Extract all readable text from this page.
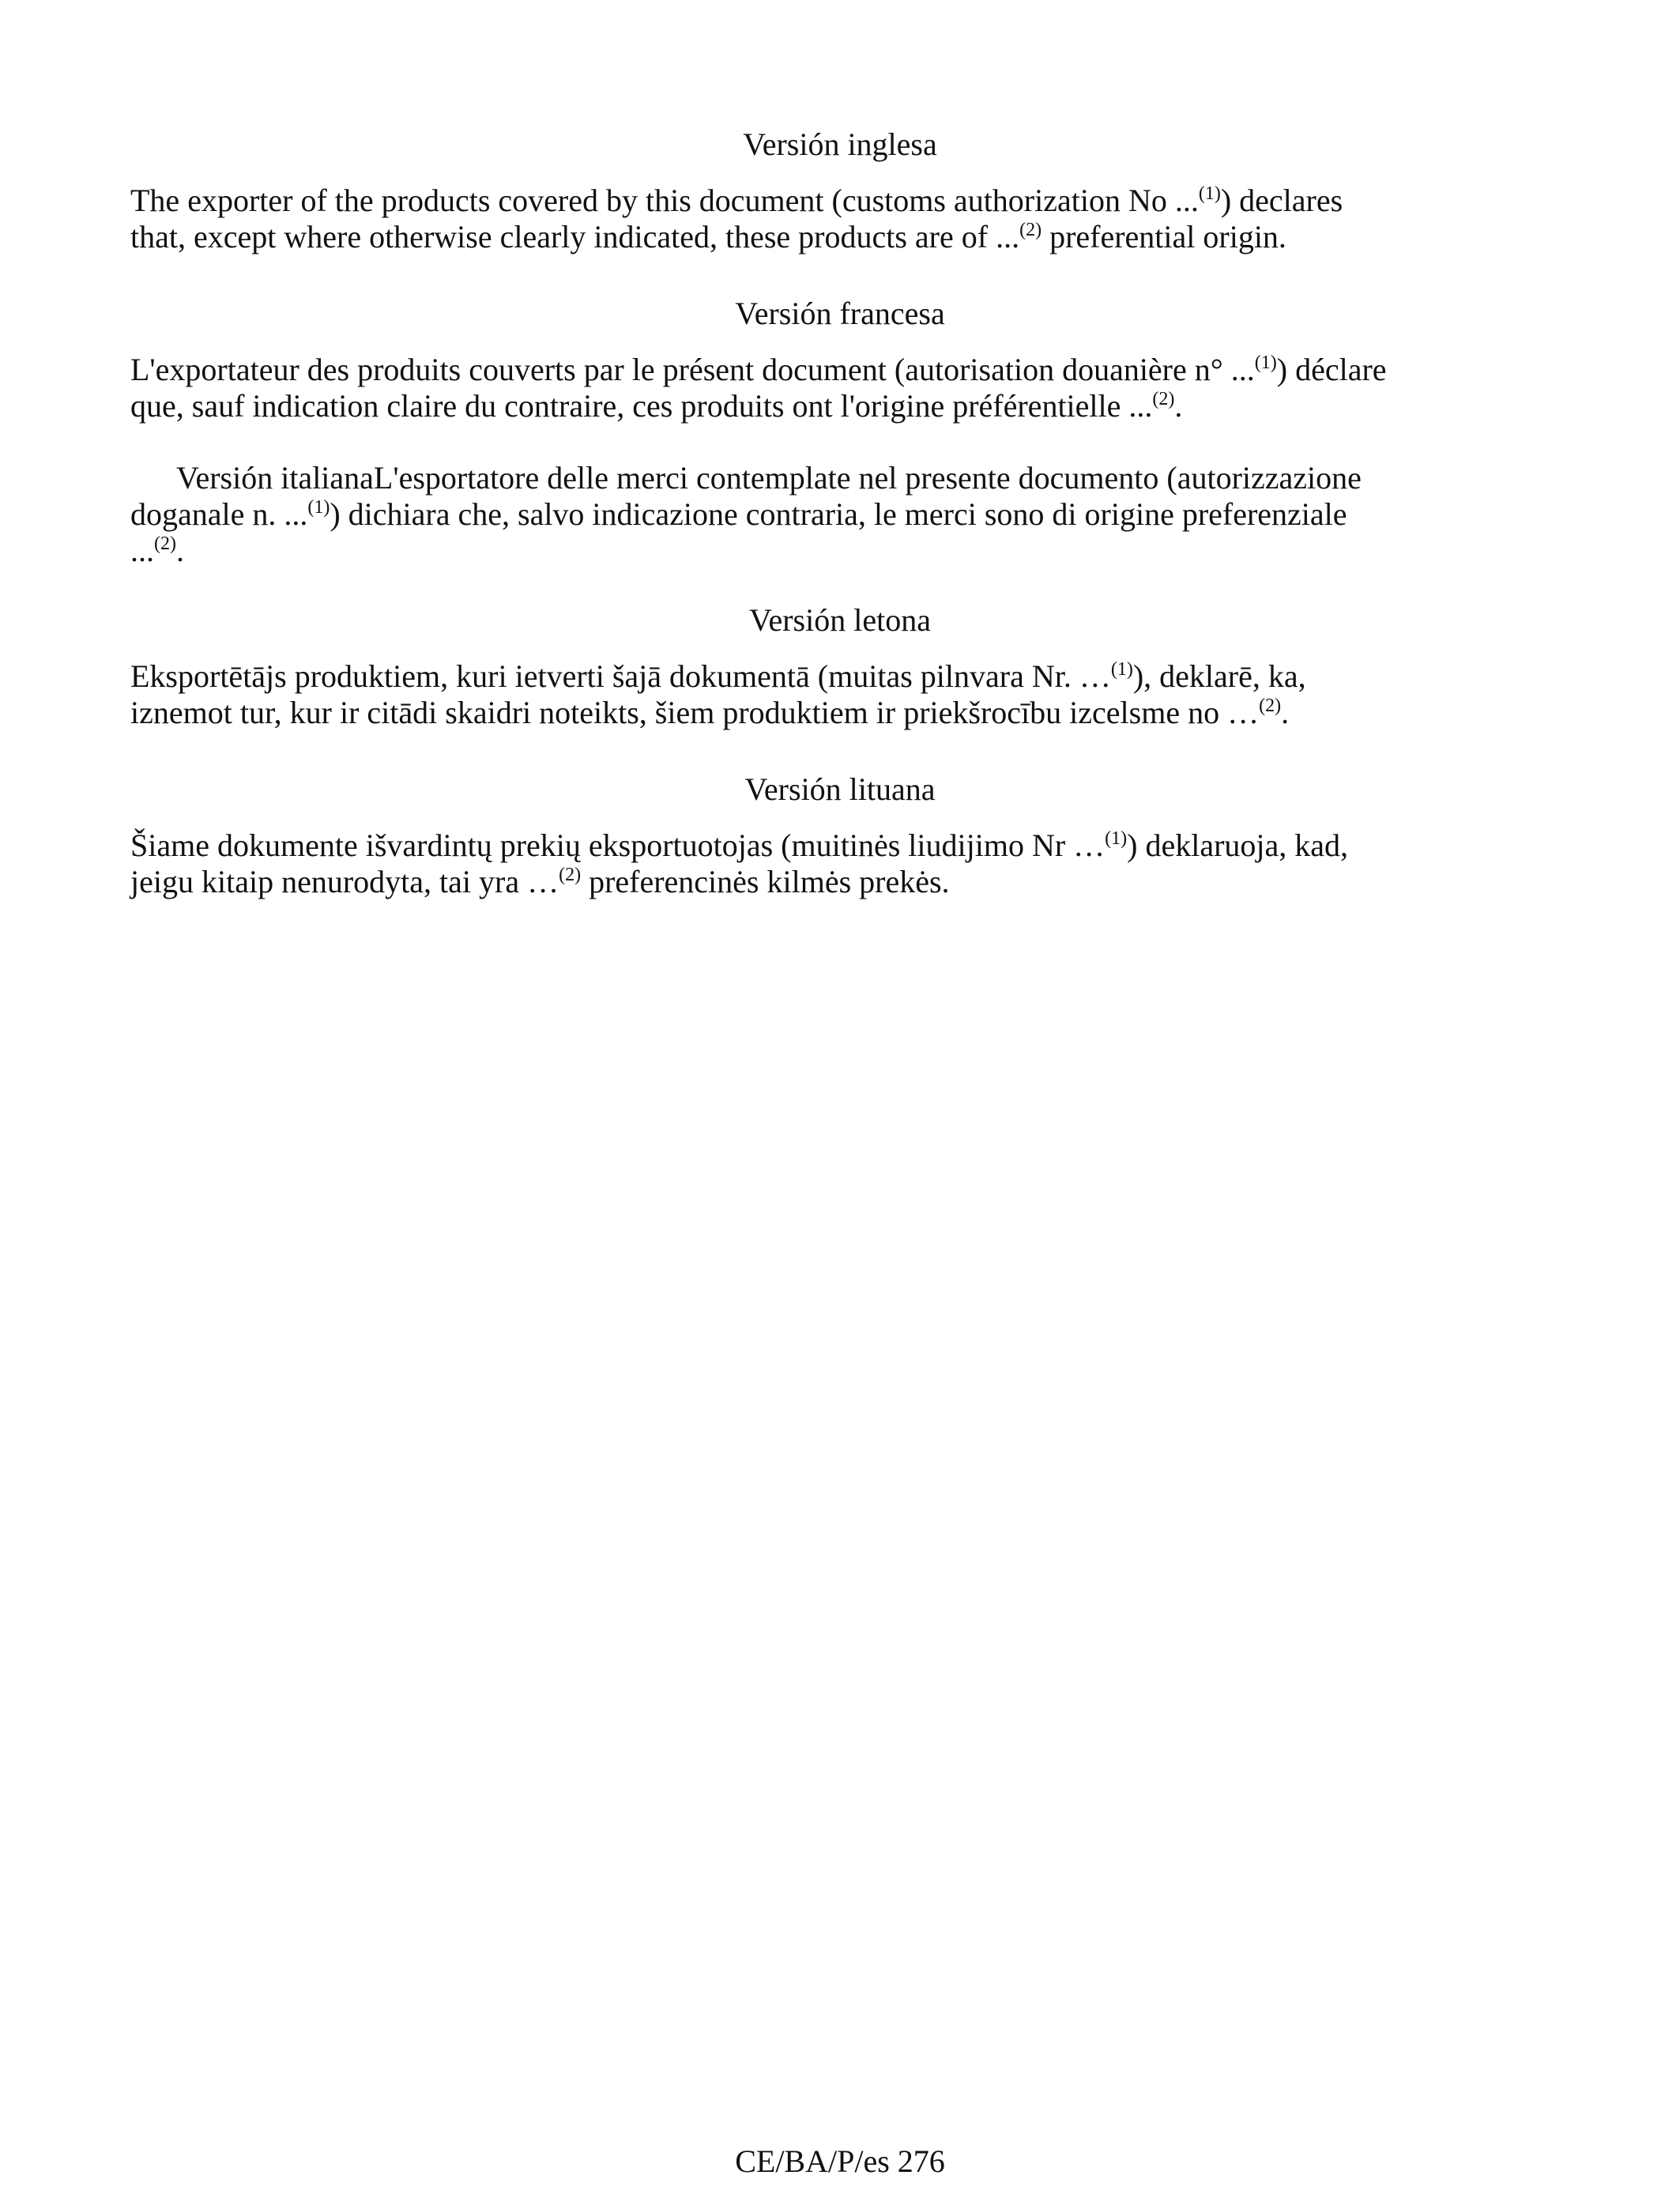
Versión inglesa

The exporter of the products covered by this document (customs authorization No ...$^{(1)}$) declares
that, except where otherwise clearly indicated, these products are of ...$^{(2)}$ preferential origin.

Versión francesa

L'exportateur des produits couverts par le présent document (autorisation douanière n° ...$^{(1)}$) déclare
que, sauf indication claire du contraire, ces produits ont l'origine préférentielle ...$^{(2)}$.

Versión italianaL'esportatore delle merci contemplate nel presente documento (autorizzazione
doganale n. ...$^{(1)}$) dichiara che, salvo indicazione contraria, le merci sono di origine preferenziale
...$^{(2)}$.

Versión letona

Eksportētājs produktiem, kuri ietverti šajā dokumentā (muitas pilnvara Nr. …$^{(1)}$), deklarē, ka,
iznemot tur, kur ir citādi skaidri noteikts, šiem produktiem ir priekšrocību izcelsme no …$^{(2)}$.

Versión lituana

Šiame dokumente išvardintų prekių eksportuotojas (muitinės liudijimo Nr …$^{(1)}$) deklaruoja, kad,
jeigu kitaip nenurodyta, tai yra …$^{(2)}$ preferencinės kilmės prekės.

CE/BA/P/es 276
